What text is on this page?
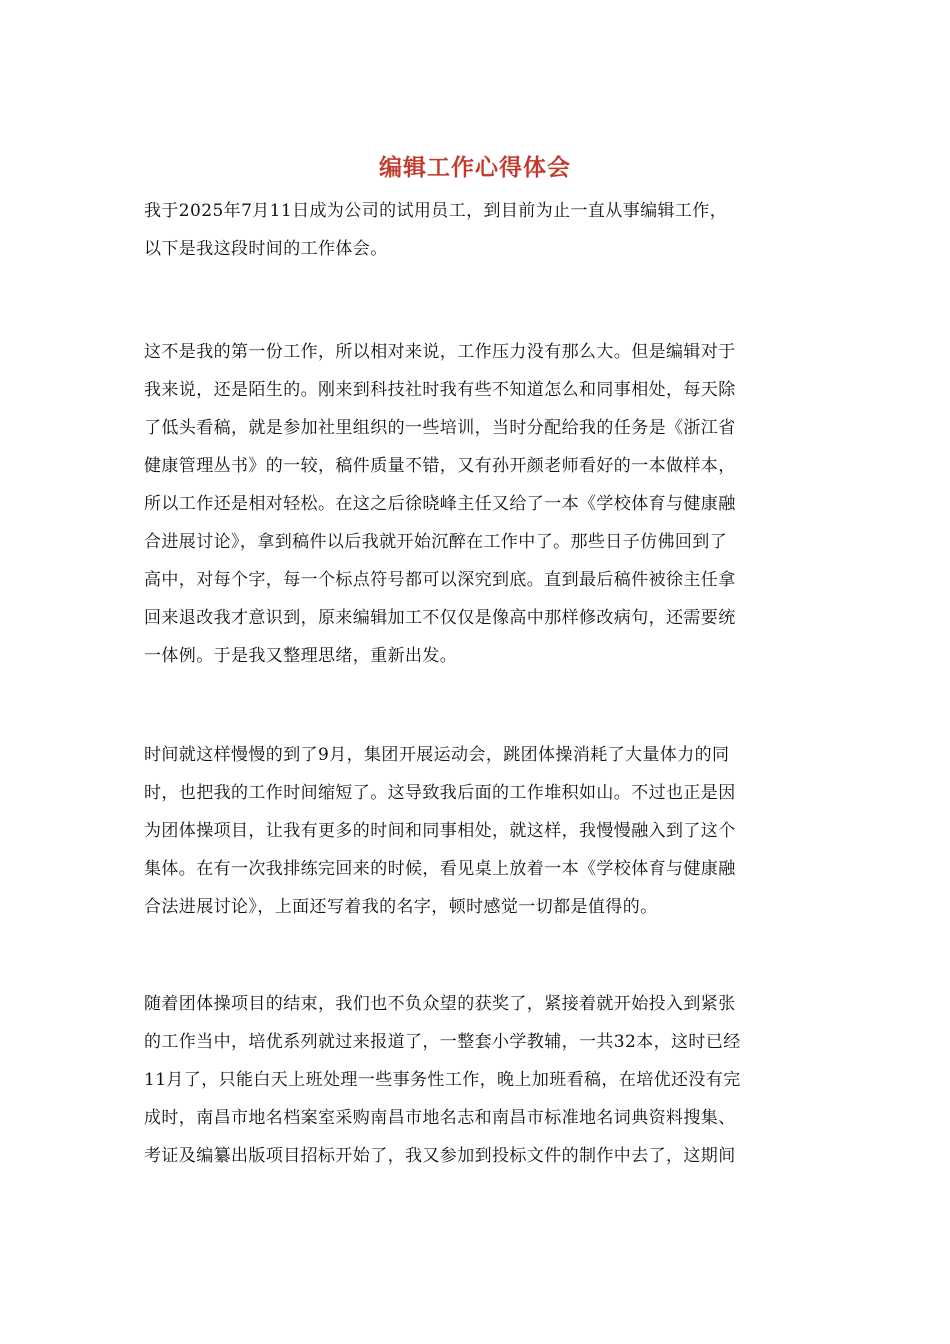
编辑工作心得体会
我于2025年7月11日成为公司的试用员工，到目前为止一直从事编辑工作，
以下是我这段时间的工作体会。
这不是我的第一份工作，所以相对来说，工作压力没有那么大。但是编辑对于
我来说，还是陌生的。刚来到科技社时我有些不知道怎么和同事相处，每天除
了低头看稿，就是参加社里组织的一些培训，当时分配给我的任务是《浙江省
健康管理丛书》的一较，稿件质量不错，又有孙开颜老师看好的一本做样本，
所以工作还是相对轻松。在这之后徐晓峰主任又给了一本《学校体育与健康融
合进展讨论》，拿到稿件以后我就开始沉醉在工作中了。那些日子仿佛回到了
高中，对每个字，每一个标点符号都可以深究到底。直到最后稿件被徐主任拿
回来退改我才意识到，原来编辑加工不仅仅是像高中那样修改病句，还需要统
一体例。于是我又整理思绪，重新出发。
时间就这样慢慢的到了9月，集团开展运动会，跳团体操消耗了大量体力的同
时，也把我的工作时间缩短了。这导致我后面的工作堆积如山。不过也正是因
为团体操项目，让我有更多的时间和同事相处，就这样，我慢慢融入到了这个
集体。在有一次我排练完回来的时候，看见桌上放着一本《学校体育与健康融
合法进展讨论》，上面还写着我的名字，顿时感觉一切都是值得的。
随着团体操项目的结束，我们也不负众望的获奖了，紧接着就开始投入到紧张
的工作当中，培优系列就过来报道了，一整套小学教辅，一共32本，这时已经
11月了，只能白天上班处理一些事务性工作，晚上加班看稿，在培优还没有完
成时，南昌市地名档案室采购南昌市地名志和南昌市标准地名词典资料搜集、
考证及编纂出版项目招标开始了，我又参加到投标文件的制作中去了，这期间
